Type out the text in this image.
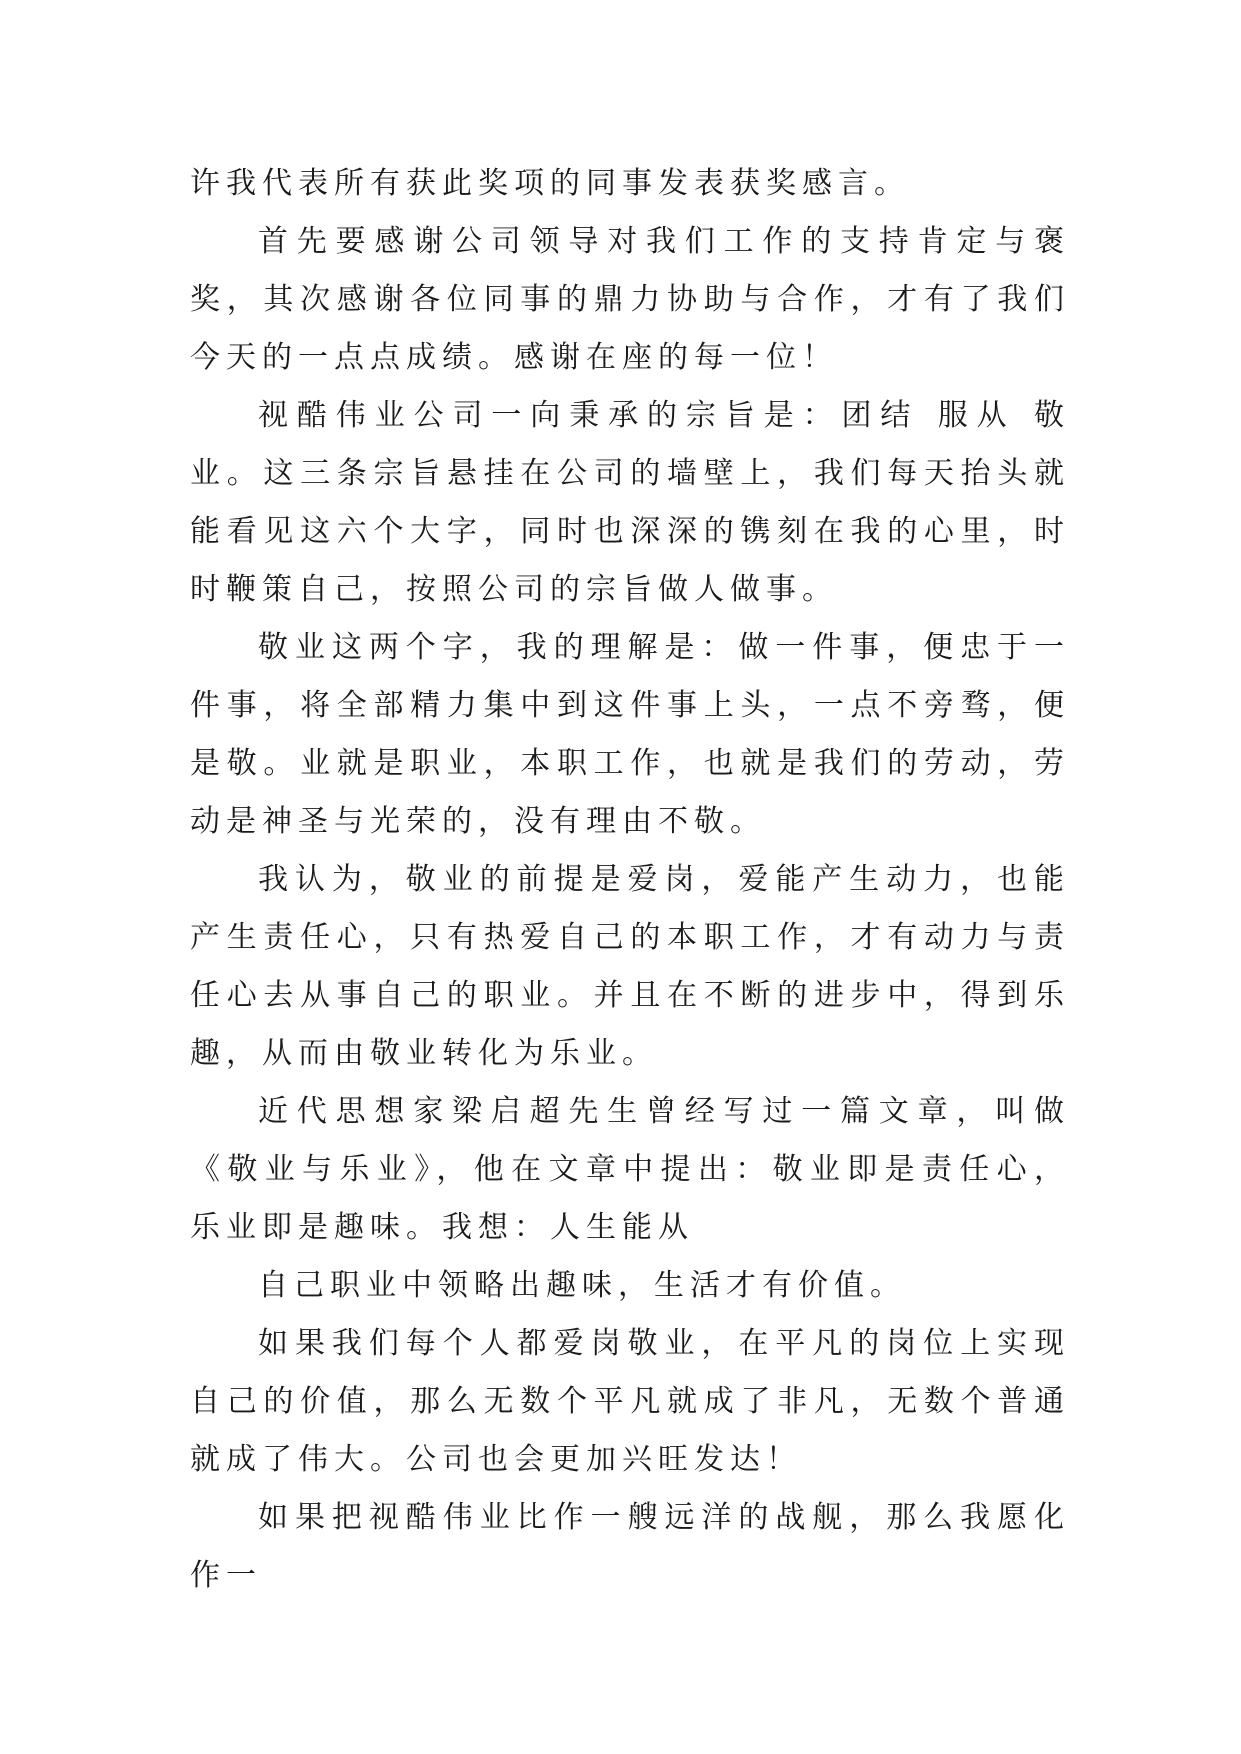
许我代表所有获此奖项的同事发表获奖感言。

首先要感谢公司领导对我们工作的支持肯定与褒奖，其次感谢各位同事的鼎力协助与合作，才有了我们今天的一点点成绩。感谢在座的每一位！

视酷伟业公司一向秉承的宗旨是：团结 服从 敬业。这三条宗旨悬挂在公司的墙壁上，我们每天抬头就能看见这六个大字，同时也深深的镌刻在我的心里，时时鞭策自己，按照公司的宗旨做人做事。

敬业这两个字，我的理解是：做一件事，便忠于一件事，将全部精力集中到这件事上头，一点不旁骛，便是敬。业就是职业，本职工作，也就是我们的劳动，劳动是神圣与光荣的，没有理由不敬。

我认为，敬业的前提是爱岗，爱能产生动力，也能产生责任心，只有热爱自己的本职工作，才有动力与责任心去从事自己的职业。并且在不断的进步中，得到乐趣，从而由敬业转化为乐业。

近代思想家梁启超先生曾经写过一篇文章，叫做《敬业与乐业》，他在文章中提出：敬业即是责任心，乐业即是趣味。我想：人生能从

自己职业中领略出趣味，生活才有价值。

如果我们每个人都爱岗敬业，在平凡的岗位上实现自己的价值，那么无数个平凡就成了非凡，无数个普通就成了伟大。公司也会更加兴旺发达！

如果把视酷伟业比作一艘远洋的战舰，那么我愿化作一
